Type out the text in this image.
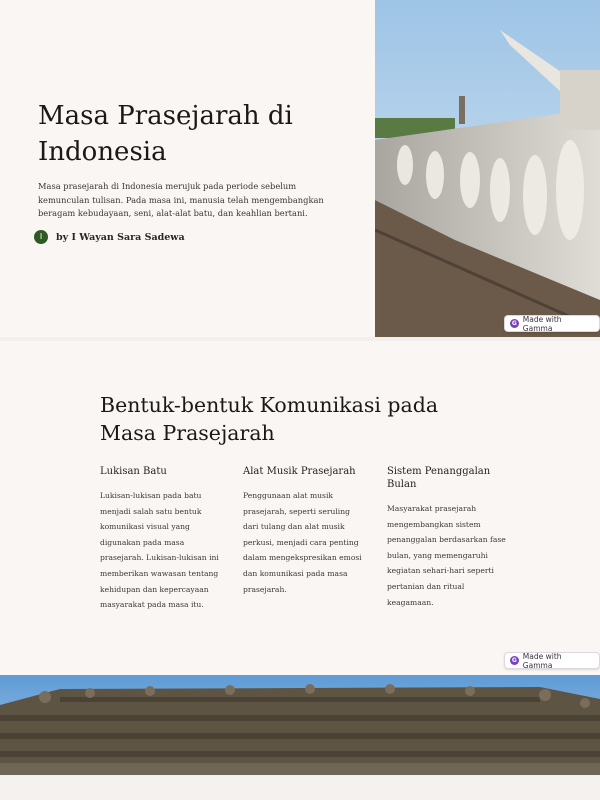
Masa Prasejarah di Indonesia

Masa prasejarah di Indonesia merujuk pada periode sebelum kemunculan tulisan. Pada masa ini, manusia telah mengembangkan beragam kebudayaan, seni, alat-alat batu, dan keahlian bertani.

I	by I Wayan Sara Sadewa
G Made with Gamma
Bentuk-bentuk Komunikasi pada Masa Prasejarah
Lukisan Batu

Lukisan-lukisan pada batu menjadi salah satu bentuk komunikasi visual yang digunakan pada masa prasejarah. Lukisan-lukisan ini memberikan wawasan tentang kehidupan dan kepercayaan masyarakat pada masa itu.

Alat Musik Prasejarah

Penggunaan alat musik prasejarah, seperti seruling dari tulang dan alat musik perkusi, menjadi cara penting dalam mengekspresikan emosi dan komunikasi pada masa prasejarah.

Sistem Penanggalan Bulan

Masyarakat prasejarah mengembangkan sistem penanggalan berdasarkan fase bulan, yang memengaruhi kegiatan sehari-hari seperti pertanian dan ritual keagamaan.

G Made with Gamma
